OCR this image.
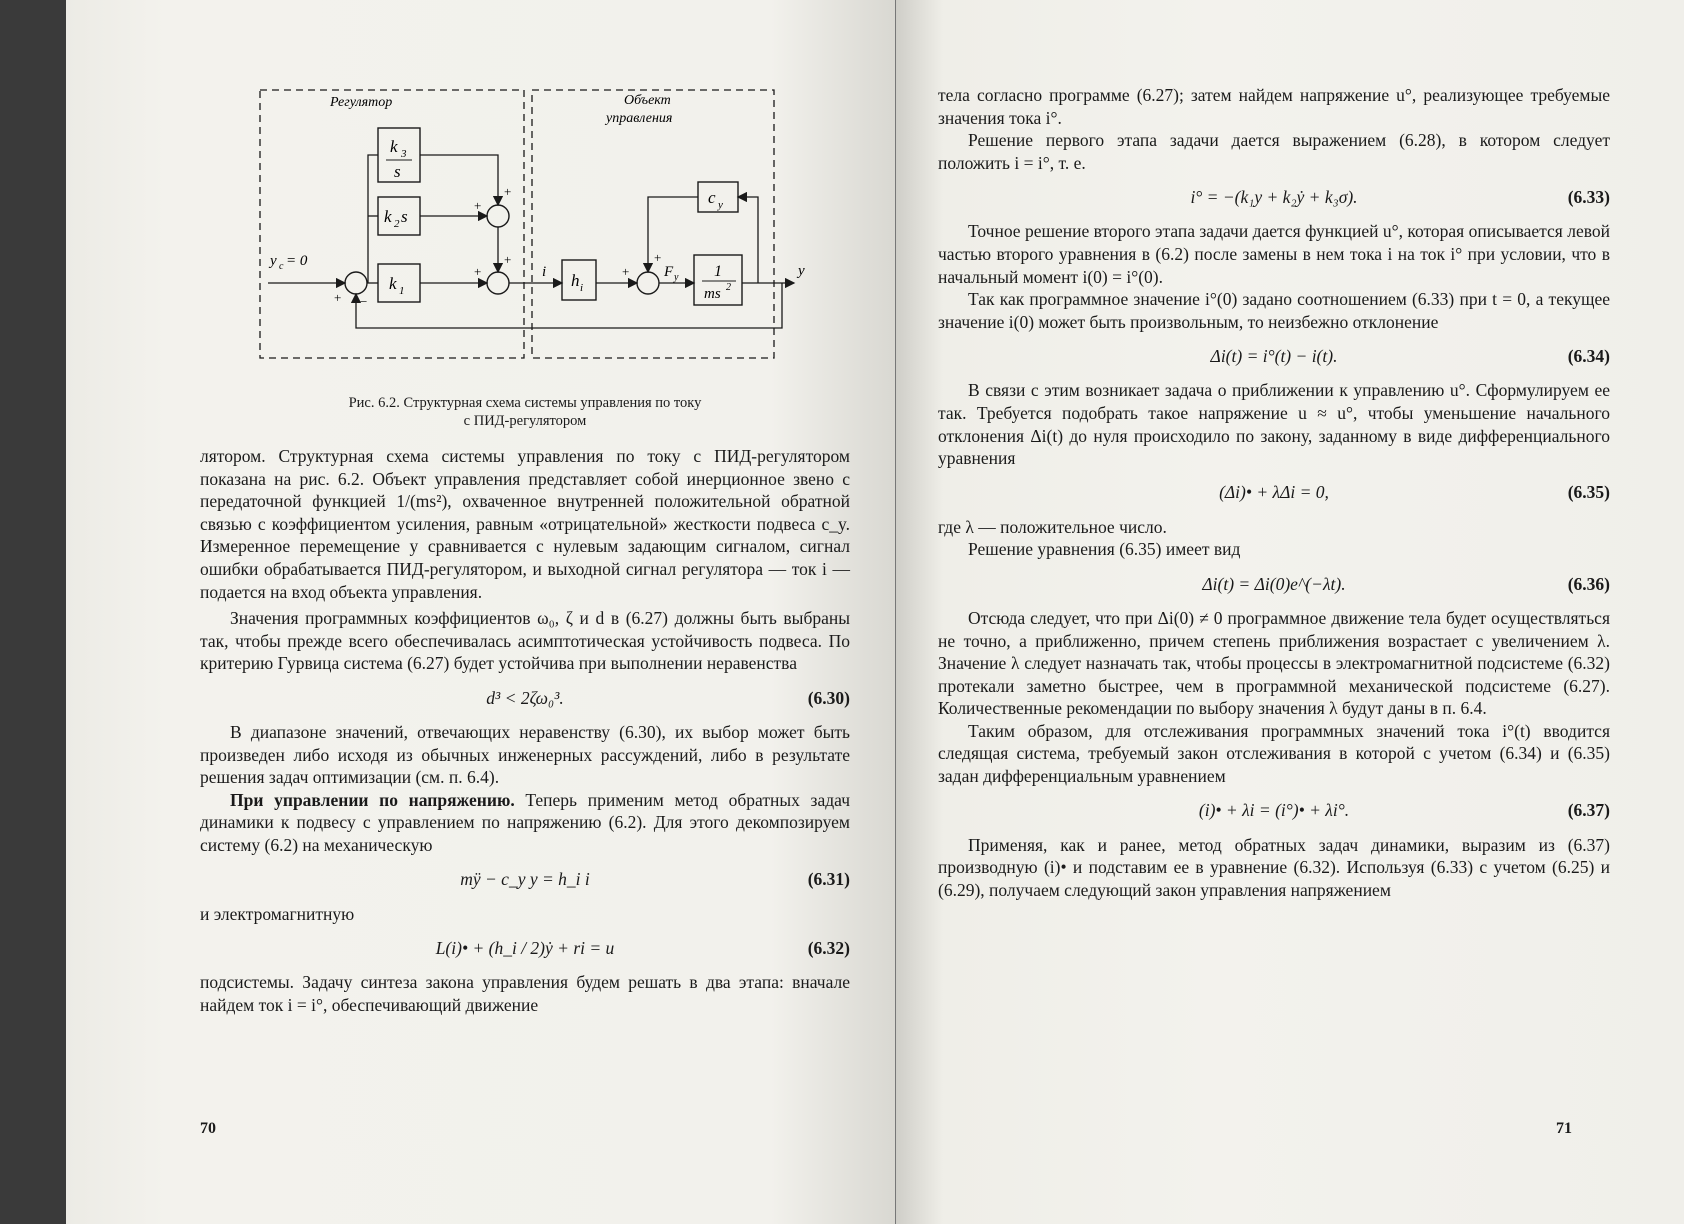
Регулятор	Объект
управления
k 3
s
k 2 s
k 1
h i
c y
1
ms 2
y c = 0
+ −
+
+
+
+
i	+ F y	y
+
Рис. 6.2. Структурная схема системы управления по току
с ПИД-регулятором

лятором. Структурная схема системы управления по току с ПИД-регулятором показана на рис. 6.2. Объект управления представляет собой инерционное звено с передаточной функцией 1/(ms²), охваченное внутренней положительной обратной связью с коэффициентом усиления, равным «отрицательной» жесткости подвеса c_y. Измеренное перемещение y сравнивается с нулевым задающим сигналом, сигнал ошибки обрабатывается ПИД-регулятором, и выходной сигнал регулятора — ток i — подается на вход объекта управления.

Значения программных коэффициентов ω₀, ζ и d в (6.27) должны быть выбраны так, чтобы прежде всего обеспечивалась асимптотическая устойчивость подвеса. По критерию Гурвица система (6.27) будет устойчива при выполнении неравенства

d³ < 2ζω₀³.	(6.30)

В диапазоне значений, отвечающих неравенству (6.30), их выбор может быть произведен либо исходя из обычных инженерных рассуждений, либо в результате решения задач оптимизации (см. п. 6.4).

При управлении по напряжению. Теперь применим метод обратных задач динамики к подвесу с управлением по напряжению (6.2). Для этого декомпозируем систему (6.2) на механическую

mÿ − c_y y = h_i i	(6.31)

и электромагнитную

L(i)• + (h_i / 2)ẏ + ri = u	(6.32)

подсистемы. Задачу синтеза закона управления будем решать в два этапа: вначале найдем ток i = i°, обеспечивающий движение

70

тела согласно программе (6.27); затем найдем напряжение u°, реализующее требуемые значения тока i°.

Решение первого этапа задачи дается выражением (6.28), в котором следует положить i = i°, т. е.

i° = −(k₁y + k₂ẏ + k₃σ).	(6.33)

Точное решение второго этапа задачи дается функцией u°, которая описывается левой частью второго уравнения в (6.2) после замены в нем тока i на ток i° при условии, что в начальный момент i(0) = i°(0).

Так как программное значение i°(0) задано соотношением (6.33) при t = 0, а текущее значение i(0) может быть произвольным, то неизбежно отклонение

Δi(t) = i°(t) − i(t).	(6.34)

В связи с этим возникает задача о приближении к управлению u°. Сформулируем ее так. Требуется подобрать такое напряжение u ≈ u°, чтобы уменьшение начального отклонения Δi(t) до нуля происходило по закону, заданному в виде дифференциального уравнения

(Δi)• + λΔi = 0,	(6.35)

где λ — положительное число.

Решение уравнения (6.35) имеет вид

Δi(t) = Δi(0)e^(−λt).	(6.36)

Отсюда следует, что при Δi(0) ≠ 0 программное движение тела будет осуществляться не точно, а приближенно, причем степень приближения возрастает с увеличением λ. Значение λ следует назначать так, чтобы процессы в электромагнитной подсистеме (6.32) протекали заметно быстрее, чем в программной механической подсистеме (6.27). Количественные рекомендации по выбору значения λ будут даны в п. 6.4.

Таким образом, для отслеживания программных значений тока i°(t) вводится следящая система, требуемый закон отслеживания в которой с учетом (6.34) и (6.35) задан дифференциальным уравнением

(i)• + λi = (i°)• + λi°.	(6.37)

Применяя, как и ранее, метод обратных задач динамики, выразим из (6.37) производную (i)• и подставим ее в уравнение (6.32). Используя (6.33) с учетом (6.25) и (6.29), получаем следующий закон управления напряжением

71
